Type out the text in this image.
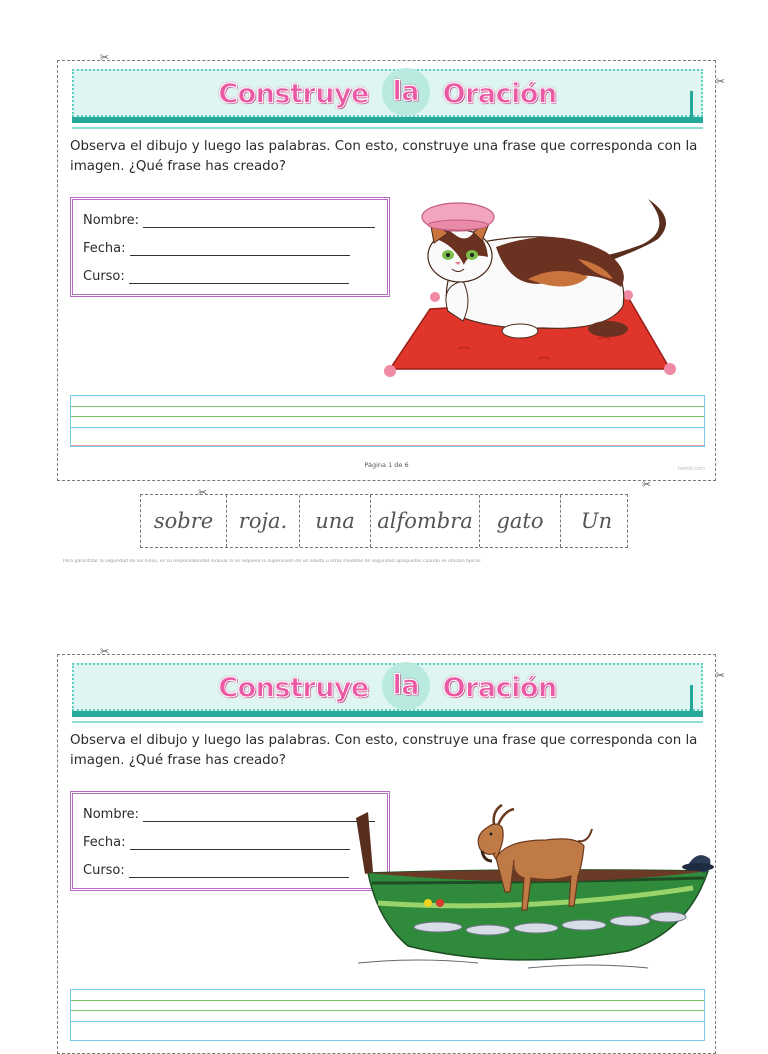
✂
✂
Construye la Oración
Observa el dibujo y luego las palabras. Con esto, construye una frase que corresponda con la imagen. ¿Qué frase has creado?
Nombre:
Fecha:
Curso:
Página 1 de 6	twinkl.com
✂
✂
sobre	roja.	una	alfombra	gato	Un
Para garantizar la seguridad de los niños, es su responsabilidad evaluar si se requiere la supervisión de un adulto u otras medidas de seguridad apropiadas cuando se utilizan tijeras.
✂
✂
Construye la Oración
Observa el dibujo y luego las palabras. Con esto, construye una frase que corresponda con la imagen. ¿Qué frase has creado?
Nombre:
Fecha:
Curso:
